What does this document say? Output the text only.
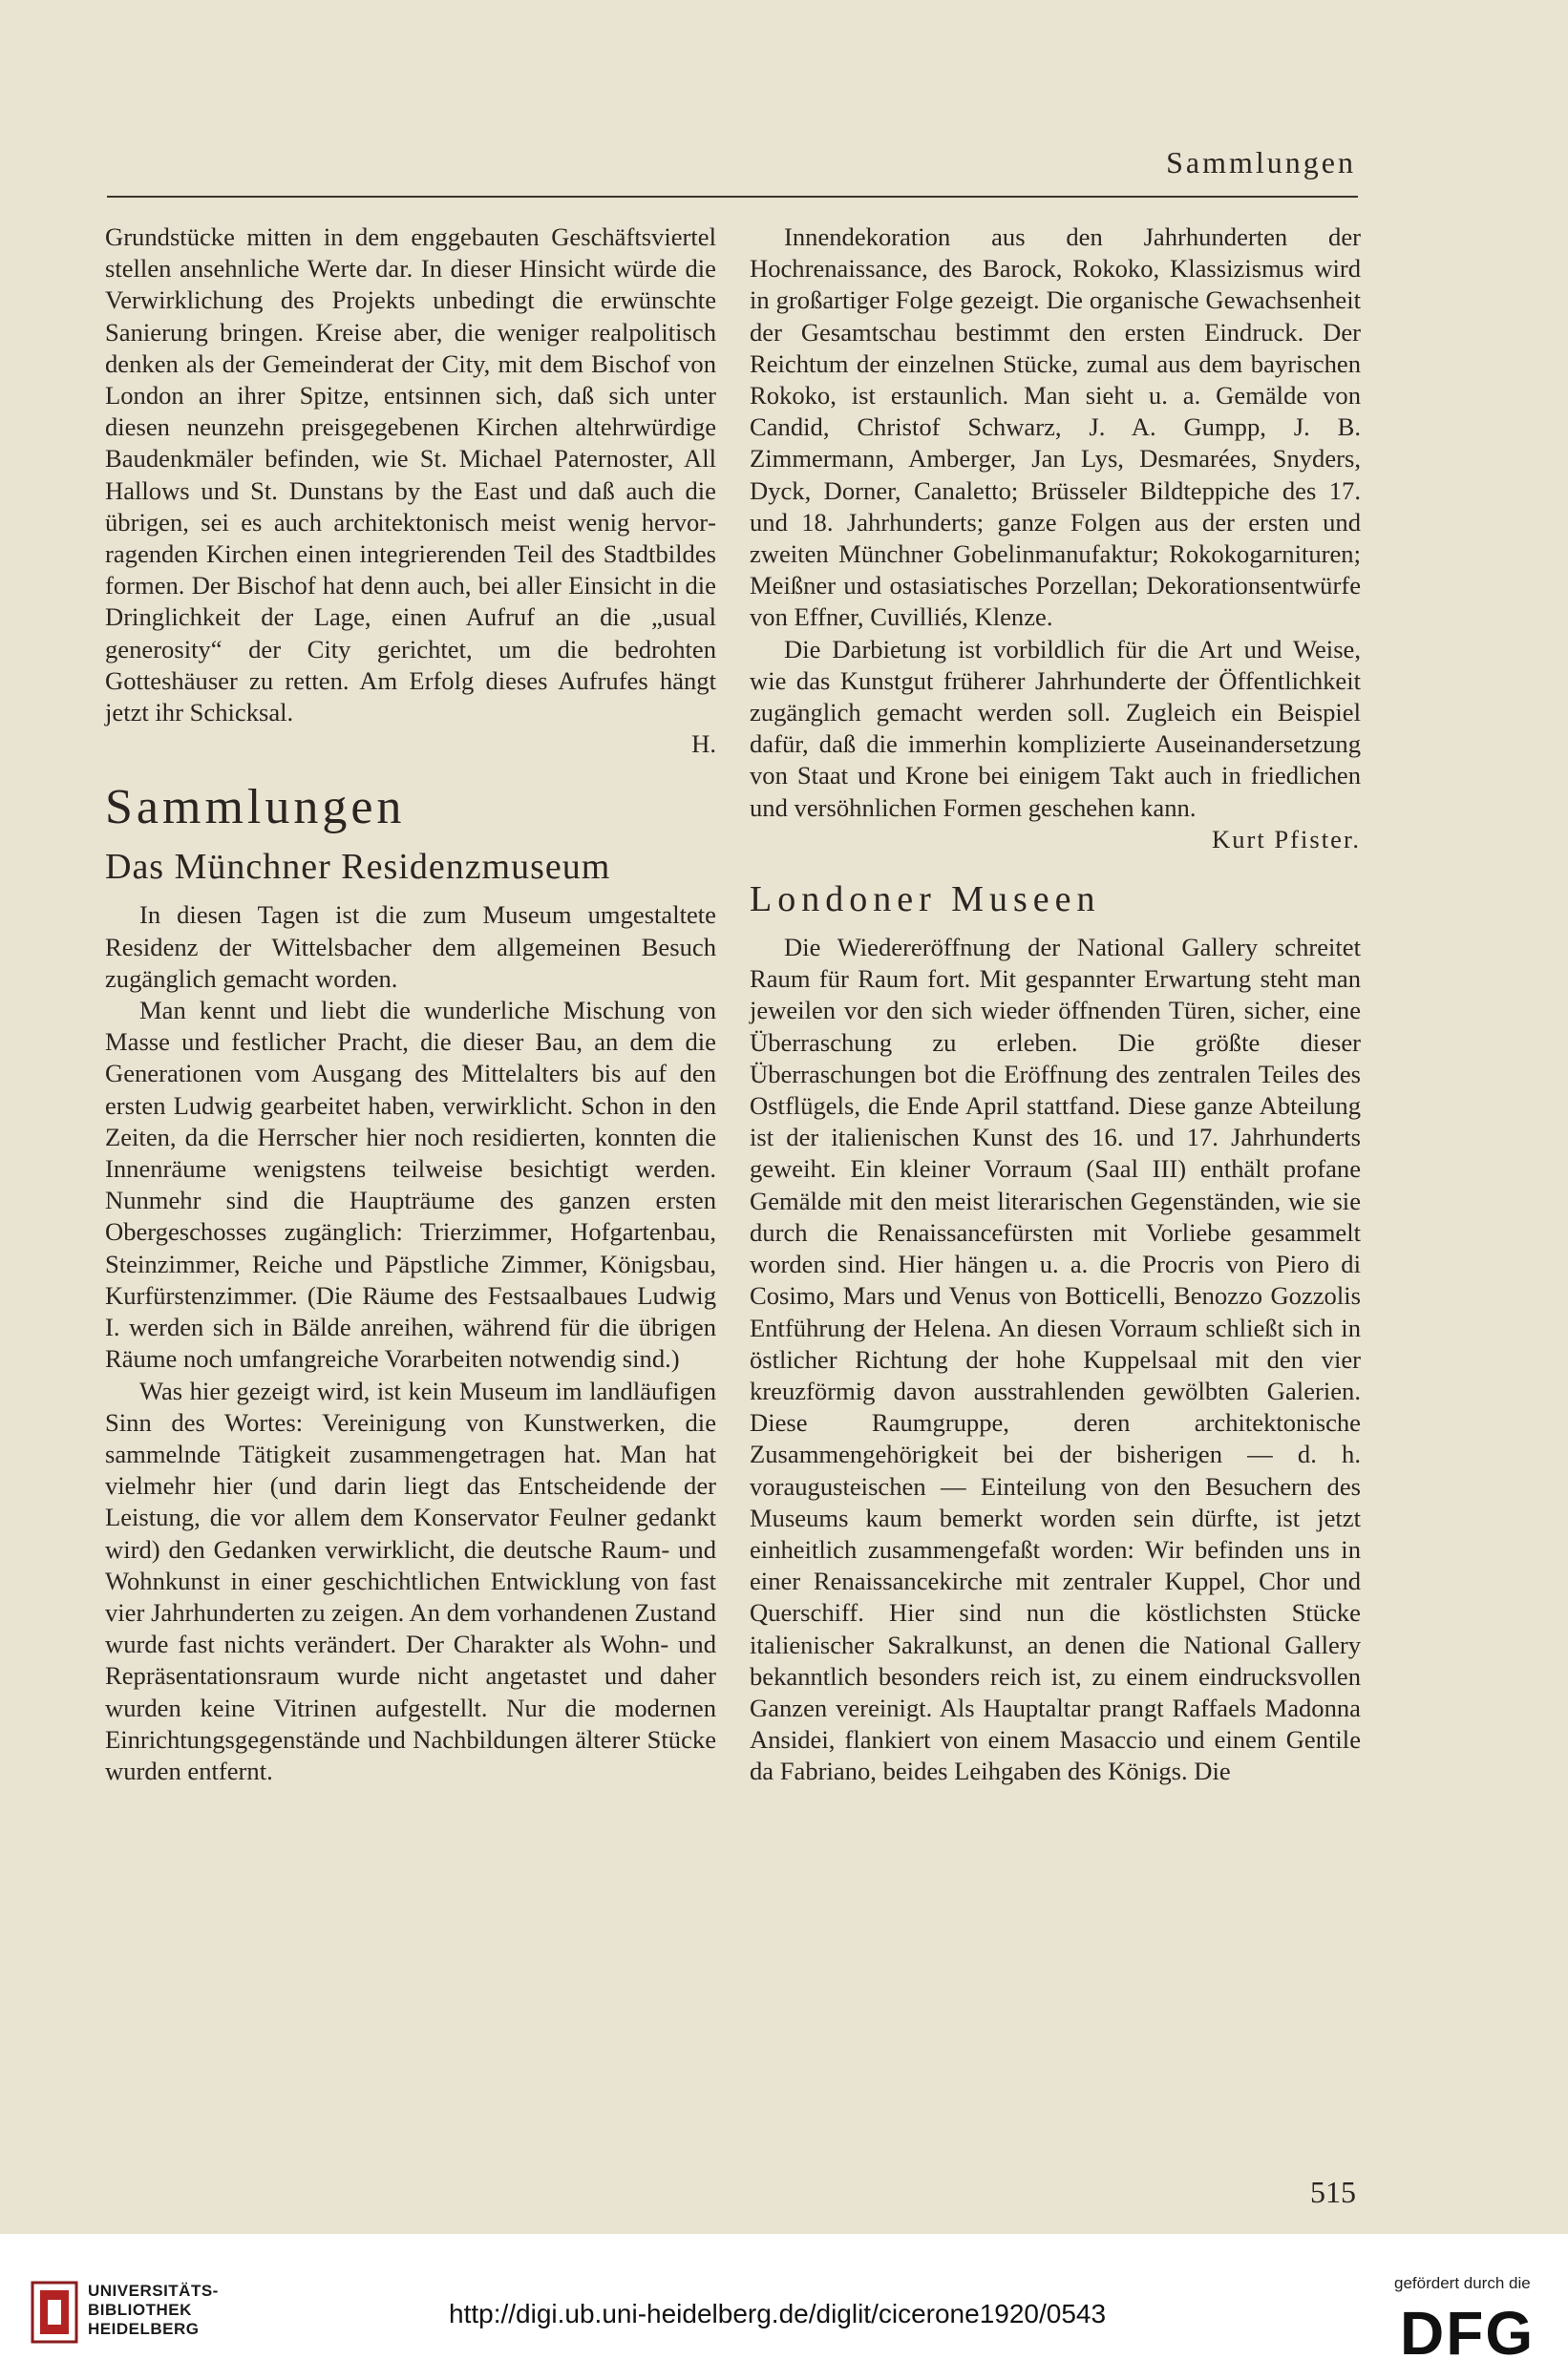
Sammlungen

Grundstücke mitten in dem enggebauten Geschäftsviertel stellen ansehnliche Werte dar. In dieser Hinsicht würde die Verwirklichung des Projekts unbedingt die erwünschte Sanierung bringen. Kreise aber, die weniger realpolitisch denken als der Gemeinderat der City, mit dem Bischof von London an ihrer Spitze, entsinnen sich, daß sich unter diesen neunzehn preisgegebenen Kirchen altehrwürdige Baudenkmäler befinden, wie St. Michael Paternoster, All Hallows und St. Dunstans by the East und daß auch die übrigen, sei es auch architektonisch meist wenig hervorragenden Kirchen einen integrierenden Teil des Stadtbildes formen. Der Bischof hat denn auch, bei aller Einsicht in die Dringlichkeit der Lage, einen Aufruf an die „usual generosity“ der City gerichtet, um die bedrohten Gotteshäuser zu retten. Am Erfolg dieses Aufrufes hängt jetzt ihr Schicksal.

H.

Sammlungen
Das Münchner Residenzmuseum

In diesen Tagen ist die zum Museum umgestaltete Residenz der Wittelsbacher dem allgemeinen Besuch zugänglich gemacht worden.

Man kennt und liebt die wunderliche Mischung von Masse und festlicher Pracht, die dieser Bau, an dem die Generationen vom Ausgang des Mittelalters bis auf den ersten Ludwig gearbeitet haben, verwirklicht. Schon in den Zeiten, da die Herrscher hier noch residierten, konnten die Innenräume wenigstens teilweise besichtigt werden. Nunmehr sind die Haupträume des ganzen ersten Obergeschosses zugänglich: Trierzimmer, Hofgartenbau, Steinzimmer, Reiche und Päpstliche Zimmer, Königsbau, Kurfürstenzimmer. (Die Räume des Festsaalbaues Ludwig I. werden sich in Bälde anreihen, während für die übrigen Räume noch umfangreiche Vorarbeiten notwendig sind.)

Was hier gezeigt wird, ist kein Museum im landläufigen Sinn des Wortes: Vereinigung von Kunstwerken, die sammelnde Tätigkeit zusammengetragen hat. Man hat vielmehr hier (und darin liegt das Entscheidende der Leistung, die vor allem dem Konservator Feulner gedankt wird) den Gedanken verwirklicht, die deutsche Raum- und Wohnkunst in einer geschichtlichen Entwicklung von fast vier Jahrhunderten zu zeigen. An dem vorhandenen Zustand wurde fast nichts verändert. Der Charakter als Wohn- und Repräsentationsraum wurde nicht angetastet und daher wurden keine Vitrinen aufgestellt. Nur die modernen Einrichtungsgegenstände und Nachbildungen älterer Stücke wurden entfernt.

Innendekoration aus den Jahrhunderten der Hochrenaissance, des Barock, Rokoko, Klassizismus wird in großartiger Folge gezeigt. Die organische Gewachsenheit der Gesamtschau bestimmt den ersten Eindruck. Der Reichtum der einzelnen Stücke, zumal aus dem bayrischen Rokoko, ist erstaunlich. Man sieht u. a. Gemälde von Candid, Christof Schwarz, J. A. Gumpp, J. B. Zimmermann, Amberger, Jan Lys, Desmarées, Snyders, Dyck, Dorner, Canaletto; Brüsseler Bildteppiche des 17. und 18. Jahrhunderts; ganze Folgen aus der ersten und zweiten Münchner Gobelinmanufaktur; Rokokogarnituren; Meißner und ostasiatisches Porzellan; Dekorationsentwürfe von Effner, Cuvilliés, Klenze.

Die Darbietung ist vorbildlich für die Art und Weise, wie das Kunstgut früherer Jahrhunderte der Öffentlichkeit zugänglich gemacht werden soll. Zugleich ein Beispiel dafür, daß die immerhin komplizierte Auseinandersetzung von Staat und Krone bei einigem Takt auch in friedlichen und versöhnlichen Formen geschehen kann.

Kurt Pfister.

Londoner Museen

Die Wiedereröffnung der National Gallery schreitet Raum für Raum fort. Mit gespannter Erwartung steht man jeweilen vor den sich wieder öffnenden Türen, sicher, eine Überraschung zu erleben. Die größte dieser Überraschungen bot die Eröffnung des zentralen Teiles des Ostflügels, die Ende April stattfand. Diese ganze Abteilung ist der italienischen Kunst des 16. und 17. Jahrhunderts geweiht. Ein kleiner Vorraum (Saal III) enthält profane Gemälde mit den meist literarischen Gegenständen, wie sie durch die Renaissancefürsten mit Vorliebe gesammelt worden sind. Hier hängen u. a. die Procris von Piero di Cosimo, Mars und Venus von Botticelli, Benozzo Gozzolis Entführung der Helena. An diesen Vorraum schließt sich in östlicher Richtung der hohe Kuppelsaal mit den vier kreuzförmig davon ausstrahlenden gewölbten Galerien. Diese Raumgruppe, deren architektonische Zusammengehörigkeit bei der bisherigen — d. h. voraugusteischen — Einteilung von den Besuchern des Museums kaum bemerkt worden sein dürfte, ist jetzt einheitlich zusammengefaßt worden: Wir befinden uns in einer Renaissancekirche mit zentraler Kuppel, Chor und Querschiff. Hier sind nun die köstlichsten Stücke italienischer Sakralkunst, an denen die National Gallery bekanntlich besonders reich ist, zu einem eindrucksvollen Ganzen vereinigt. Als Hauptaltar prangt Raffaels Madonna Ansidei, flankiert von einem Masaccio und einem Gentile da Fabriano, beides Leihgaben des Königs. Die

515
UNIVERSITÄTS-
BIBLIOTHEK
HEIDELBERG
http://digi.ub.uni-heidelberg.de/diglit/cicerone1920/0543
gefördert durch die
DFG
